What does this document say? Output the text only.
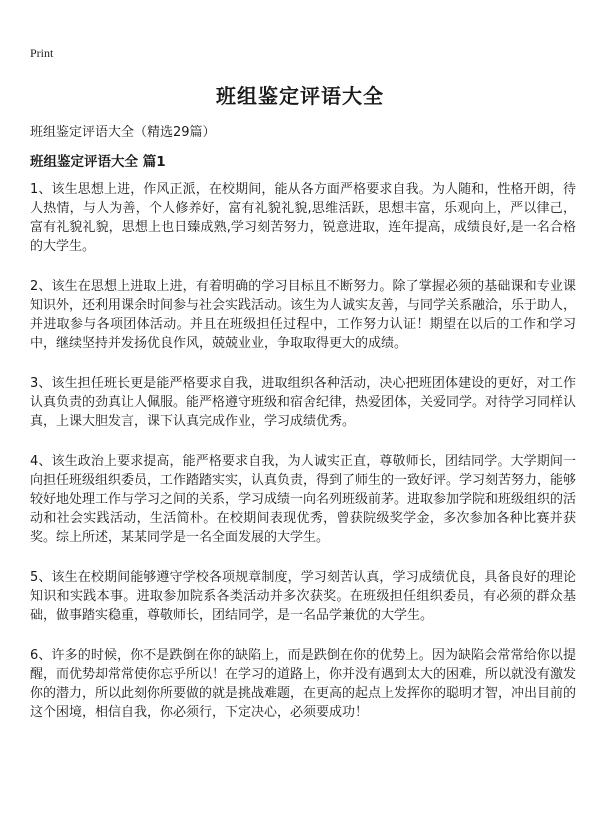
Print
班组鉴定评语大全

班组鉴定评语大全（精选29篇）

班组鉴定评语大全 篇1

1、该生思想上进，作风正派，在校期间，能从各方面严格要求自我。为人随和，性格开朗，待人热情，与人为善，个人修养好，富有礼貌礼貌,思维活跃，思想丰富，乐观向上，严以律己，富有礼貌礼貌，思想上也日臻成熟,学习刻苦努力，锐意进取，连年提高，成绩良好,是一名合格的大学生。

2、该生在思想上进取上进，有着明确的学习目标且不断努力。除了掌握必须的基础课和专业课知识外，还利用课余时间参与社会实践活动。该生为人诚实友善，与同学关系融洽，乐于助人，并进取参与各项团体活动。并且在班级担任过程中，工作努力认证！期望在以后的工作和学习中，继续坚持并发扬优良作风，兢兢业业，争取取得更大的成绩。

3、该生担任班长更是能严格要求自我，进取组织各种活动，决心把班团体建设的更好，对工作认真负责的劲真让人佩服。能严格遵守班级和宿舍纪律，热爱团体，关爱同学。对待学习同样认真，上课大胆发言，课下认真完成作业，学习成绩优秀。

4、该生政治上要求提高，能严格要求自我，为人诚实正直，尊敬师长，团结同学。大学期间一向担任班级组织委员，工作踏踏实实，认真负责，得到了师生的一致好评。学习刻苦努力，能够较好地处理工作与学习之间的关系，学习成绩一向名列班级前茅。进取参加学院和班级组织的活动和社会实践活动，生活简朴。在校期间表现优秀，曾获院级奖学金，多次参加各种比赛并获奖。综上所述，某某同学是一名全面发展的大学生。

5、该生在校期间能够遵守学校各项规章制度，学习刻苦认真，学习成绩优良，具备良好的理论知识和实践本事。进取参加院系各类活动并多次获奖。在班级担任组织委员，有必须的群众基础，做事踏实稳重，尊敬师长，团结同学，是一名品学兼优的大学生。

6、许多的时候，你不是跌倒在你的缺陷上，而是跌倒在你的优势上。因为缺陷会常常给你以提醒，而优势却常常使你忘乎所以！在学习的道路上，你并没有遇到太大的困难，所以就没有激发你的潜力，所以此刻你所要做的就是挑战难题，在更高的起点上发挥你的聪明才智，冲出目前的这个困境，相信自我，你必须行，下定决心，必须要成功！
